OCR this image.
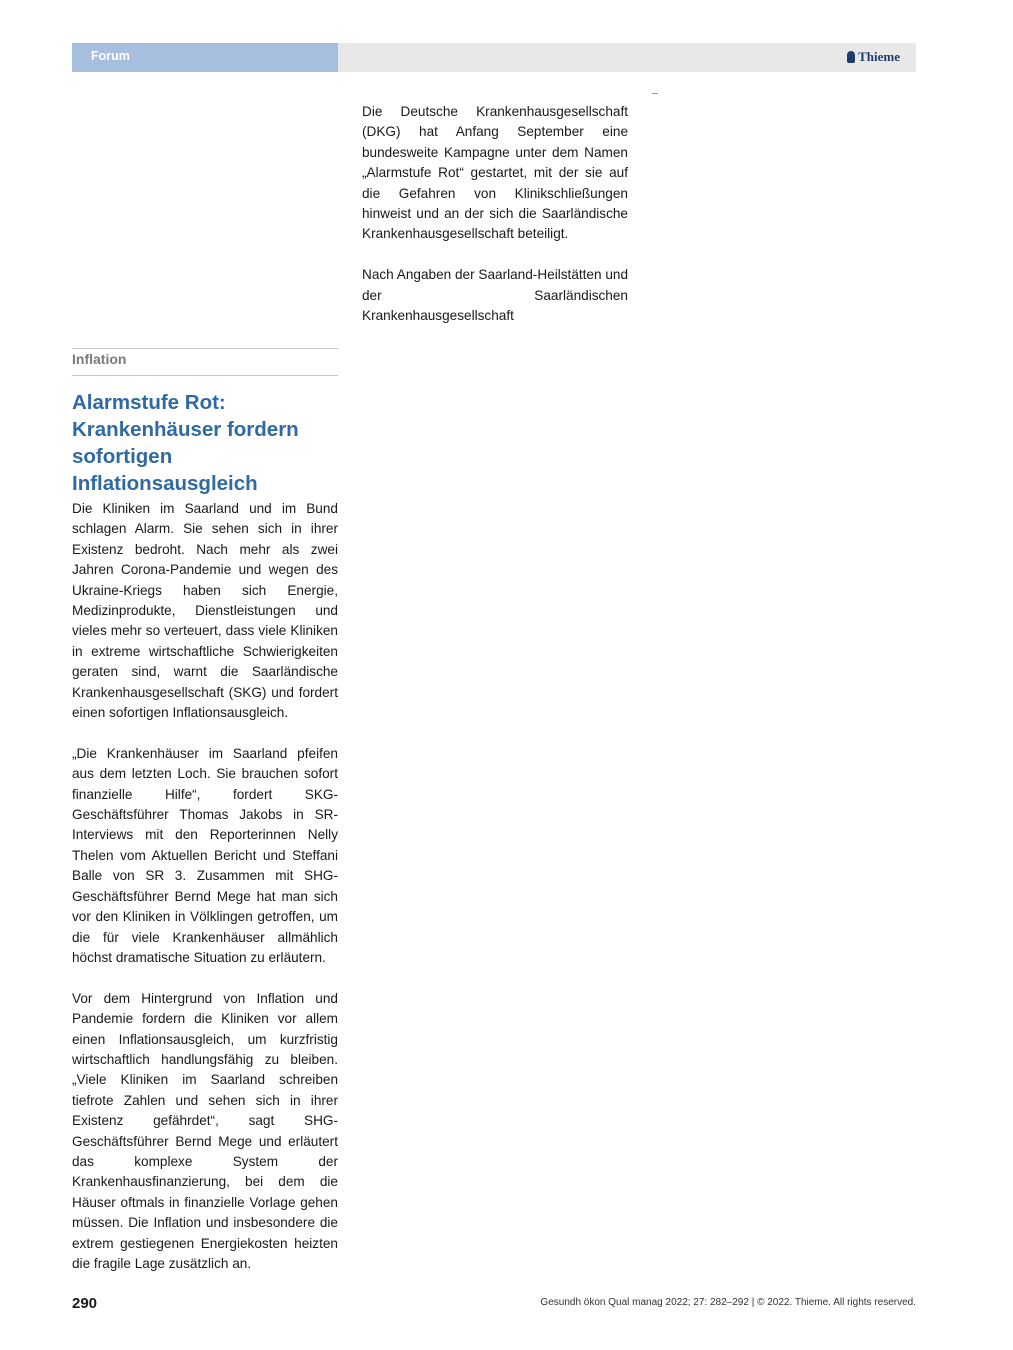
Forum	Thieme

Die Deutsche Krankenhausgesellschaft (DKG) hat Anfang September eine bundesweite Kampagne unter dem Namen „Alarmstufe Rot“ gestartet, mit der sie auf die Gefahren von Klinikschließungen hinweist und an der sich die Saarländische Krankenhausgesellschaft beteiligt.

Nach Angaben der Saarland-Heilstätten und der Saarländischen Krankenhausgesellschaft

Inflation
Alarmstufe Rot: Krankenhäuser fordern sofortigen Inflationsausgleich

Die Kliniken im Saarland und im Bund schlagen Alarm. Sie sehen sich in ihrer Existenz bedroht. Nach mehr als zwei Jahren Corona-Pandemie und wegen des Ukraine-Kriegs haben sich Energie, Medizinprodukte, Dienstleistungen und vieles mehr so verteuert, dass viele Kliniken in extreme wirtschaftliche Schwierigkeiten geraten sind, warnt die Saarländische Krankenhausgesellschaft (SKG) und fordert einen sofortigen Inflationsausgleich.

„Die Krankenhäuser im Saarland pfeifen aus dem letzten Loch. Sie brauchen sofort finanzielle Hilfe“, fordert SKG-Geschäftsführer Thomas Jakobs in SR-Interviews mit den Reporterinnen Nelly Thelen vom Aktuellen Bericht und Steffani Balle von SR 3. Zusammen mit SHG-Geschäftsführer Bernd Mege hat man sich vor den Kliniken in Völklingen getroffen, um die für viele Krankenhäuser allmählich höchst dramatische Situation zu erläutern.

Vor dem Hintergrund von Inflation und Pandemie fordern die Kliniken vor allem einen Inflationsausgleich, um kurzfristig wirtschaftlich handlungsfähig zu bleiben. „Viele Kliniken im Saarland schreiben tiefrote Zahlen und sehen sich in ihrer Existenz gefährdet“, sagt SHG-Geschäftsführer Bernd Mege und erläutert das komplexe System der Krankenhausfinanzierung, bei dem die Häuser oftmals in finanzielle Vorlage gehen müssen. Die Inflation und insbesondere die extrem gestiegenen Energiekosten heizten die fragile Lage zusätzlich an.

290	Gesundh ökon Qual manag 2022; 27: 282–292 | © 2022. Thieme. All rights reserved.
